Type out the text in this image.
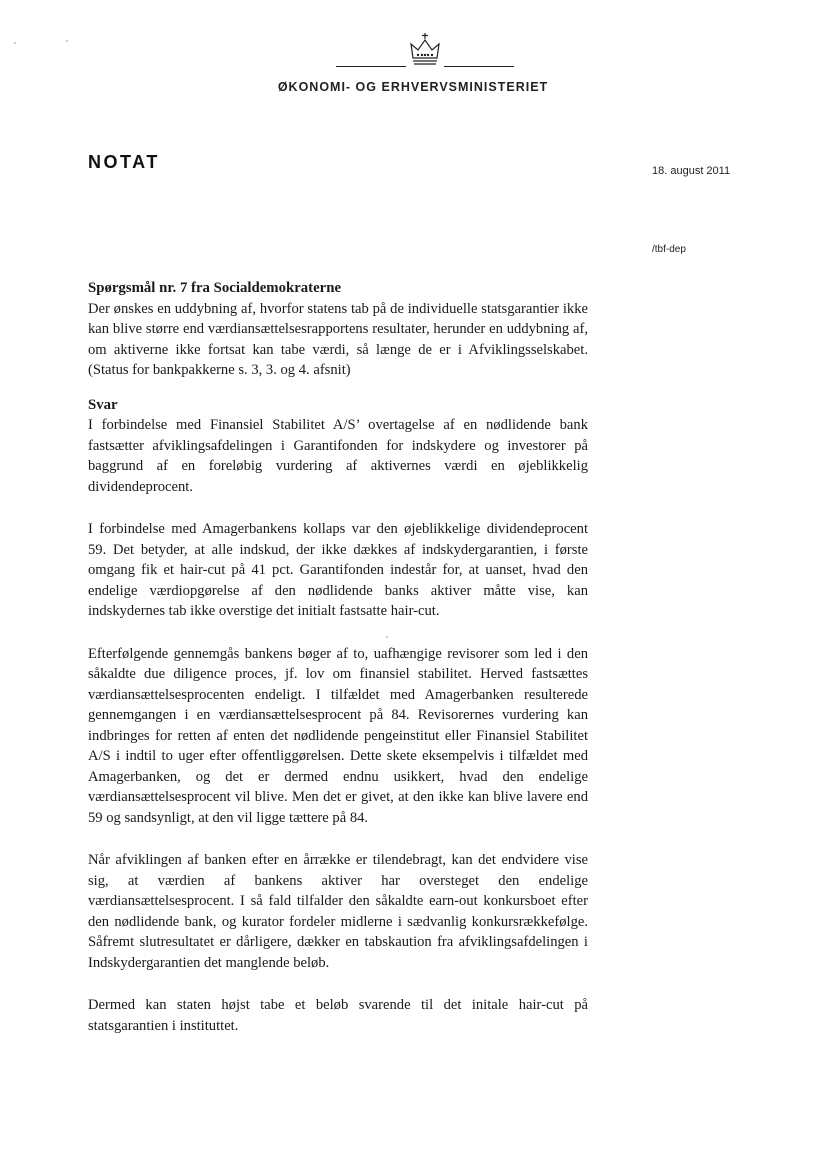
ØKONOMI- OG ERHVERVSMINISTERIET
NOTAT	18. august 2011
/tbf-dep
Spørgsmål nr. 7 fra Socialdemokraterne

Der ønskes en uddybning af, hvorfor statens tab på de individuelle statsgarantier ikke kan blive større end værdiansættelsesrapportens resultater, herunder en uddybning af, om aktiverne ikke fortsat kan tabe værdi, så længe de er i Afviklingsselskabet. (Status for bankpakkerne s. 3, 3. og 4. afsnit)

Svar

I forbindelse med Finansiel Stabilitet A/S’ overtagelse af en nødlidende bank fastsætter afviklingsafdelingen i Garantifonden for indskydere og investorer på baggrund af en foreløbig vurdering af aktivernes værdi en øjeblikkelig dividendeprocent.

I forbindelse med Amagerbankens kollaps var den øjeblikkelige dividendeprocent 59. Det betyder, at alle indskud, der ikke dækkes af indskydergarantien, i første omgang fik et hair-cut på 41 pct. Garantifonden indestår for, at uanset, hvad den endelige værdiopgørelse af den nødlidende banks aktiver måtte vise, kan indskydernes tab ikke overstige det initialt fastsatte hair-cut.

Efterfølgende gennemgås bankens bøger af to, uafhængige revisorer som led i den såkaldte due diligence proces, jf. lov om finansiel stabilitet. Herved fastsættes værdiansættelsesprocenten endeligt. I tilfældet med Amagerbanken resulterede gennemgangen i en værdiansættelsesprocent på 84. Revisorernes vurdering kan indbringes for retten af enten det nødlidende pengeinstitut eller Finansiel Stabilitet A/S i indtil to uger efter offentliggørelsen. Dette skete eksempelvis i tilfældet med Amagerbanken, og det er dermed endnu usikkert, hvad den endelige værdiansættelsesprocent vil blive. Men det er givet, at den ikke kan blive lavere end 59 og sandsynligt, at den vil ligge tættere på 84.

Når afviklingen af banken efter en årrække er tilendebragt, kan det endvidere vise sig, at værdien af bankens aktiver har oversteget den endelige værdiansættelsesprocent. I så fald tilfalder den såkaldte earn-out konkursboet efter den nødlidende bank, og kurator fordeler midlerne i sædvanlig konkursrækkefølge. Såfremt slutresultatet er dårligere, dækker en tabskaution fra afviklingsafdelingen i Indskydergarantien det manglende beløb.

Dermed kan staten højst tabe et beløb svarende til det initale hair-cut på statsgarantien i instituttet.
